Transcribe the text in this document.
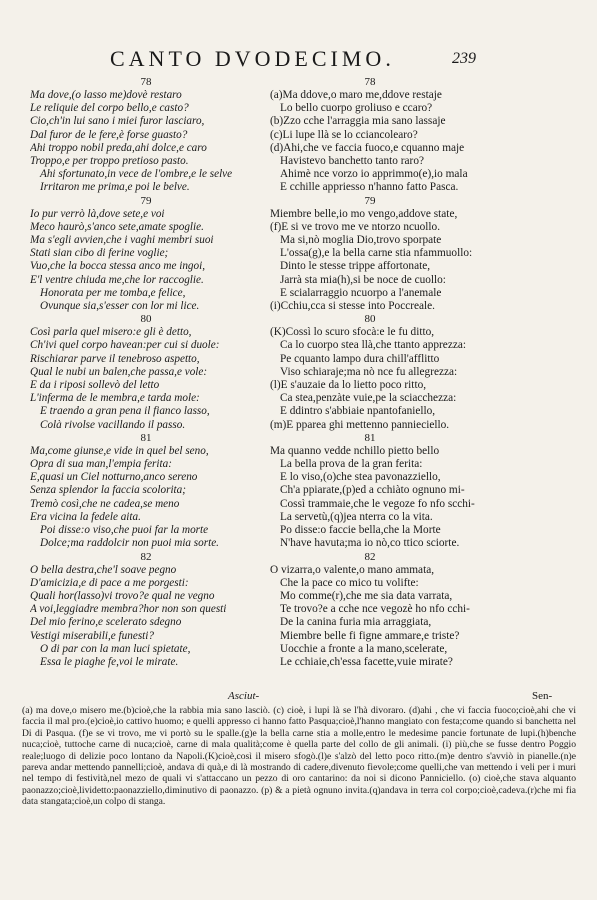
CANTO DVODECIMO.	239
78
Ma dove,(o lasso me)dovè restaro
Le reliquie del corpo bello,e casto?
Cio,ch'in lui sano i miei furor lasciaro,
Dal furor de le fere,è forse guasto?
Ahi troppo nobil preda,ahi dolce,e caro
Troppo,e per troppo pretioso pasto.
Ahi sfortunato,in vece de l'ombre,e le selve
Irritaron me prima,e poi le belve.
79
Io pur verrò là,dove sete,e voi
Meco haurò,s'anco sete,amate spoglie.
Ma s'egli avvien,che i vaghi membri suoi
Stati sian cibo di ferine voglie;
Vuo,che la bocca stessa anco me ingoi,
E'l ventre chiuda me,che lor raccoglie.
Honorata per me tomba,e felice,
Ovunque sia,s'esser con lor mi lice.
80
Così parla quel misero:e gli è detto,
Ch'ivi quel corpo havean:per cui si duole:
Rischiarar parve il tenebroso aspetto,
Qual le nubi un balen,che passa,e vole:
E da i riposi sollevò del letto
L'inferma de le membra,e tarda mole:
E traendo a gran pena il fianco lasso,
Colà rivolse vacillando il passo.
81
Ma,come giunse,e vide in quel bel seno,
Opra di sua man,l'empia ferita:
E,quasi un Ciel notturno,anco sereno
Senza splendor la faccia scolorita;
Tremò così,che ne cadea,se meno
Era vicina la fedele aita.
Poi disse:o viso,che puoi far la morte
Dolce;ma raddolcir non puoi mia sorte.
82
O bella destra,che'l soave pegno
D'amicizia,e di pace a me porgesti:
Quali hor(lasso)vi trovo?e qual ne vegno
A voi,leggiadre membra?hor non son questi
Del mio ferino,e scelerato sdegno
Vestigi miserabili,e funesti?
O di par con la man luci spietate,
Essa le piaghe fe,voi le mirate.
78
(a)Ma ddove,o maro me,ddove restaje
Lo bello cuorpo groliuso e ccaro?
(b)Zzo cche l'arraggia mia sano lassaje
(c)Li lupe llà se lo cciancolearo?
(d)Ahi,che ve faccia fuoco,e cquanno maje
Havistevo banchetto tanto raro?
Ahimè nce vorzo io apprimmo(e),io mala
E cchille appriesso n'hanno fatto Pasca.
79
Miembre belle,io mo vengo,addove state,
(f)E si ve trovo me ve ntorzo ncuollo.
Ma si,nò moglia Dio,trovo sporpate
L'ossa(g),e la bella carne stia nfammuollo:
Dinto le stesse trippe affortonate,
Jarrà sta mia(h),si be noce de cuollo:
E scialarraggio ncuorpo a l'anemale
(i)Cchiu,cca si stesse into Poccreale.
80
(K)Cossì lo scuro sfocà:e le fu ditto,
Ca lo cuorpo stea llà,che ttanto apprezza:
Pe cquanto lampo dura chill'afflitto
Viso schiaraje;ma nò nce fu allegrezza:
(l)E s'auzaie da lo lietto poco ritto,
Ca stea,penzàte vuie,pe la sciacchezza:
E ddintro s'abbiaie npantofaniello,
(m)E pparea ghi mettenno pannieciello.
81
Ma quanno vedde nchillo pietto bello
La bella prova de la gran ferita:
E lo viso,(o)che stea pavonazziello,
Ch'a ppiarate,(p)ed a cchiàto ognuno mi-
Cossì trammaie,che le vegoze fo nfo scchi-
La servetù,(q)jea nterra co la vita.
Po disse:o faccie bella,che la Morte
N'have havuta;ma io nò,co ttico sciorte.
82
O vizarra,o valente,o mano ammata,
Che la pace co mico tu volifte:
Mo comme(r),che me sia data varrata,
Te trovo?e a cche nce vegozè ho nfo cchi-
De la canina furia mia arraggiata,
Miembre belle fi figne ammare,e triste?
Uocchie a fronte a la mano,scelerate,
Le cchiaie,ch'essa facette,vuie mirate?
Asciut-	Sen-

(a) ma dove,o misero me.(b)cioè,che la rabbia mia sano lasciò. (c) cioè, i lupi là se l'hà divoraro. (d)ahi , che vi faccia fuoco;cioè,ahi che vi faccia il mal pro.(e)cioè,io cattivo huomo; e quelli appresso ci hanno fatto Pasqua;cioè,l'hanno mangiato con festa;come quando si banchetta nel Di di Pasqua. (f)e se vi trovo, me vi portò su le spalle.(g)e la bella carne stia a molle,entro le medesime pancie fortunate de lupi.(h)benche nuca;cioè, tuttoche carne di nuca;cioè, carne di mala qualità;come è quella parte del collo de gli animali. (i) più,che se fusse dentro Poggio reale;luogo di delizie poco lontano da Napoli.(K)cioè,così il misero sfogò.(l)e s'alzò del letto poco ritto.(m)e dentro s'avviò in pianelle.(n)e pareva andar mettendo pannelli;cioè, andava di quà,e di là mostrando di cadere,divenuto fievole;come quelli,che van mettendo i veli per i muri nel tempo di festività,nel mezo de quali vi s'attaccano un pezzo di oro cantarino: da noi si dicono Panniciello. (o) cioè,che stava alquanto paonazzo;cioè,lividetto:paonazziello,diminutivo di paonazzo. (p) & a pietà ognuno invita.(q)andava in terra col corpo;cioè,cadeva.(r)che mi fia data stangata;cioè,un colpo di stanga.
